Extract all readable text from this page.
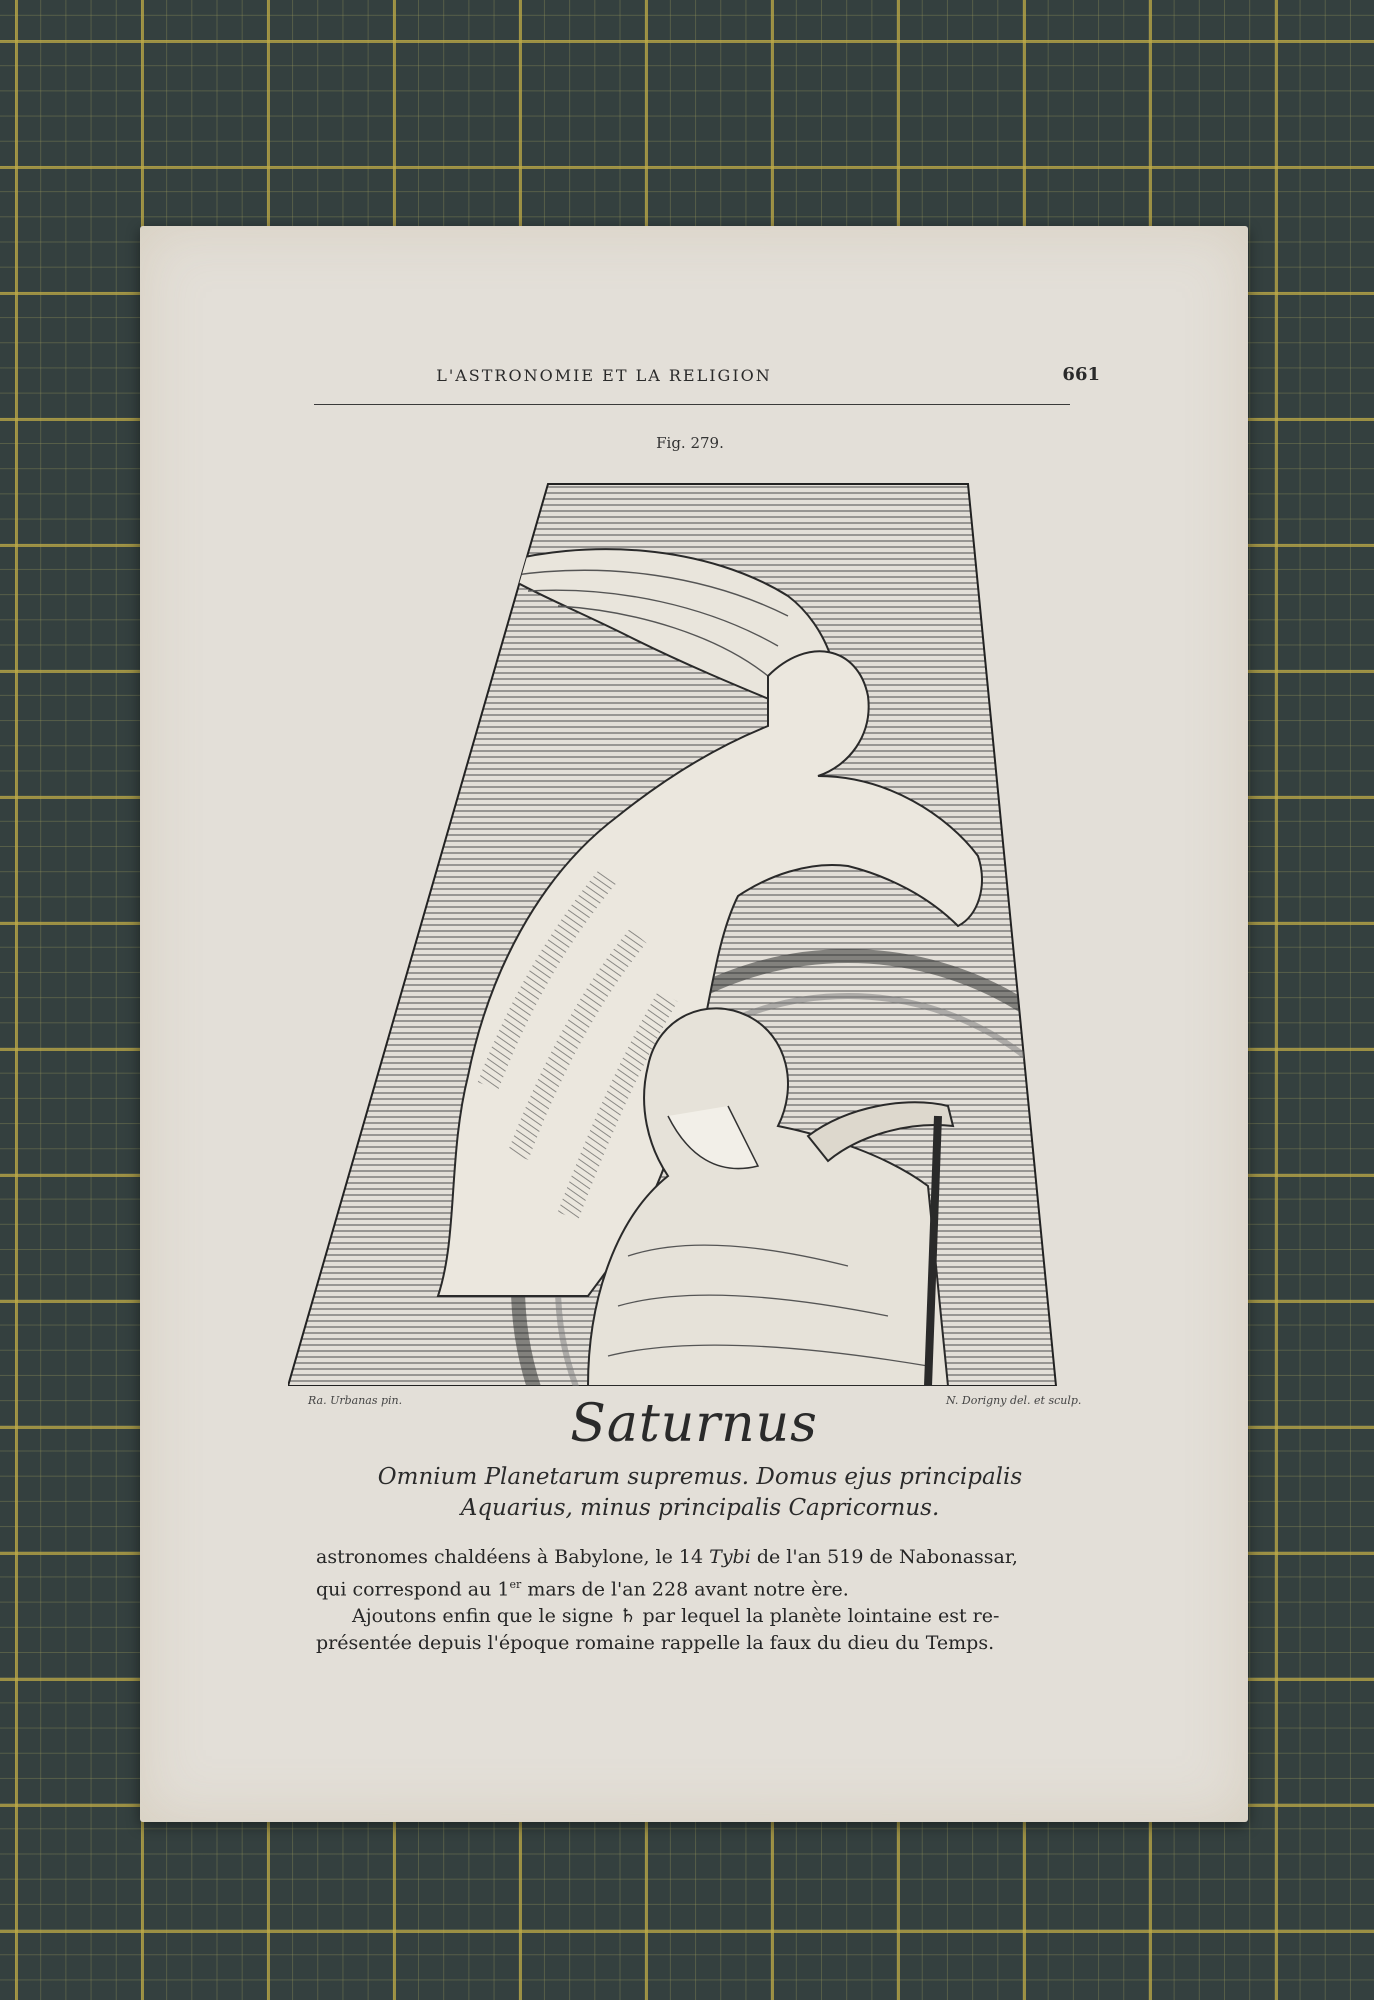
L'ASTRONOMIE ET LA RELIGION	661
Fig. 279.
Ra. Urbanas pin.	N. Dorigny del. et sculp.
Saturnus
Omnium Planetarum supremus. Domus ejus principalis
Aquarius, minus principalis Capricornus.

astronomes chaldéens à Babylone, le 14 Tybi de l'an 519 de Nabonassar,
qui correspond au 1er mars de l'an 228 avant notre ère.

Ajoutons enfin que le signe ♄ par lequel la planète lointaine est re-
présentée depuis l'époque romaine rappelle la faux du dieu du Temps.
